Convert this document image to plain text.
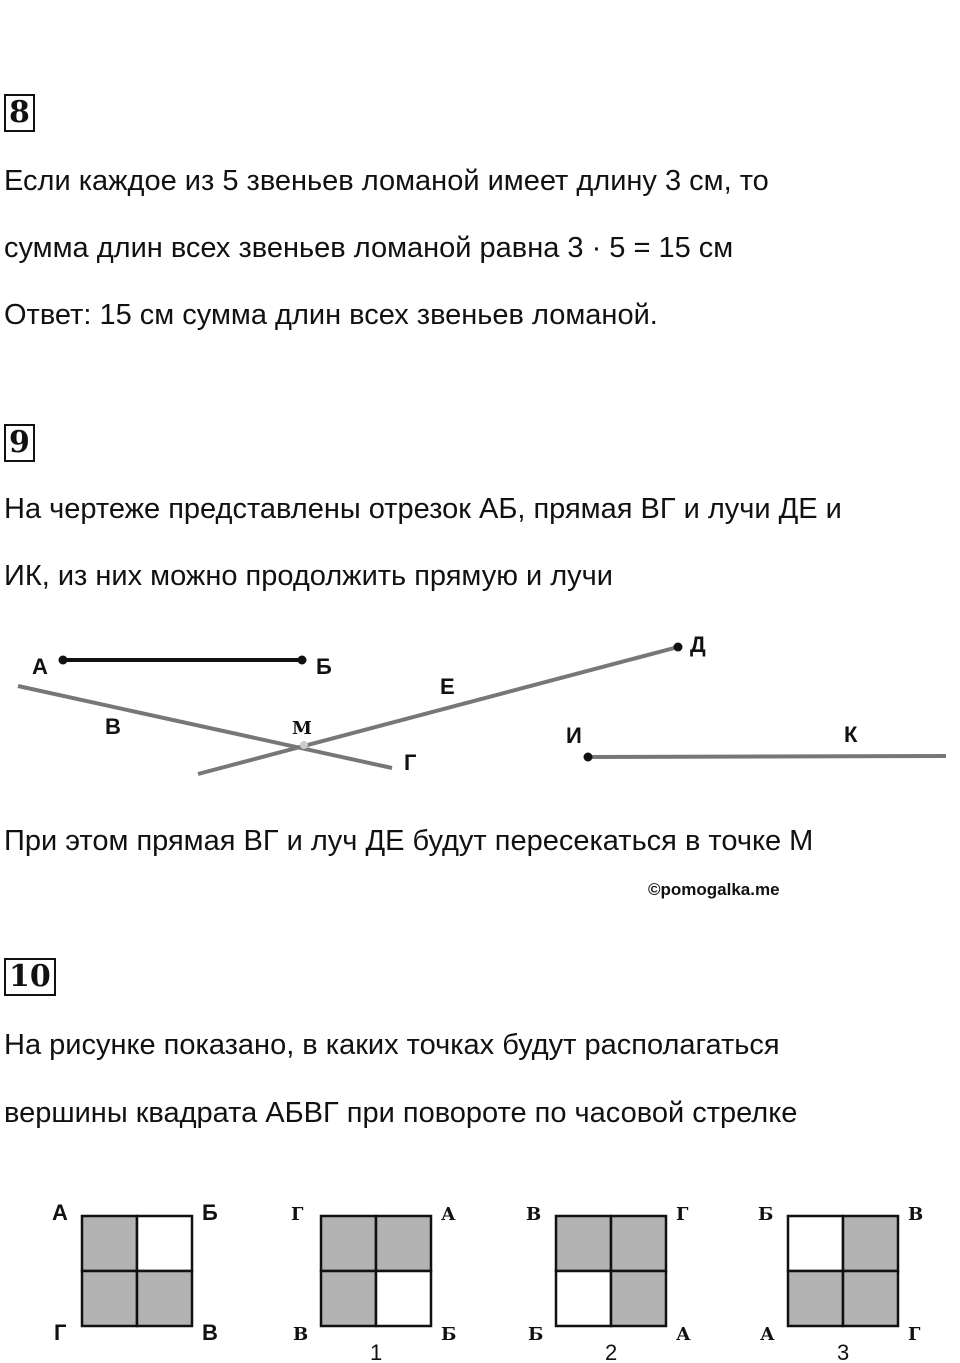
8
Если каждое из 5 звеньев ломаной имеет длину 3 см, то
сумма длин всех звеньев ломаной равна 3 · 5 = 15 см
Ответ: 15 см сумма длин всех звеньев ломаной.
9
На чертеже представлены отрезок АБ, прямая ВГ и лучи ДЕ и
ИК, из них можно продолжить прямую и лучи
А	Б
В
Г
Д
Е
М	И	К
При этом прямая ВГ и луч ДЕ будут пересекаться в точке М
©pomogalka.me
10
На рисунке показано, в каких точках будут располагаться
вершины квадрата АБВГ при повороте по часовой стрелке
А	Б
Г	В
Г	А
В	Б
1
В	Г
Б	А
2
Б	В
А	Г
3
